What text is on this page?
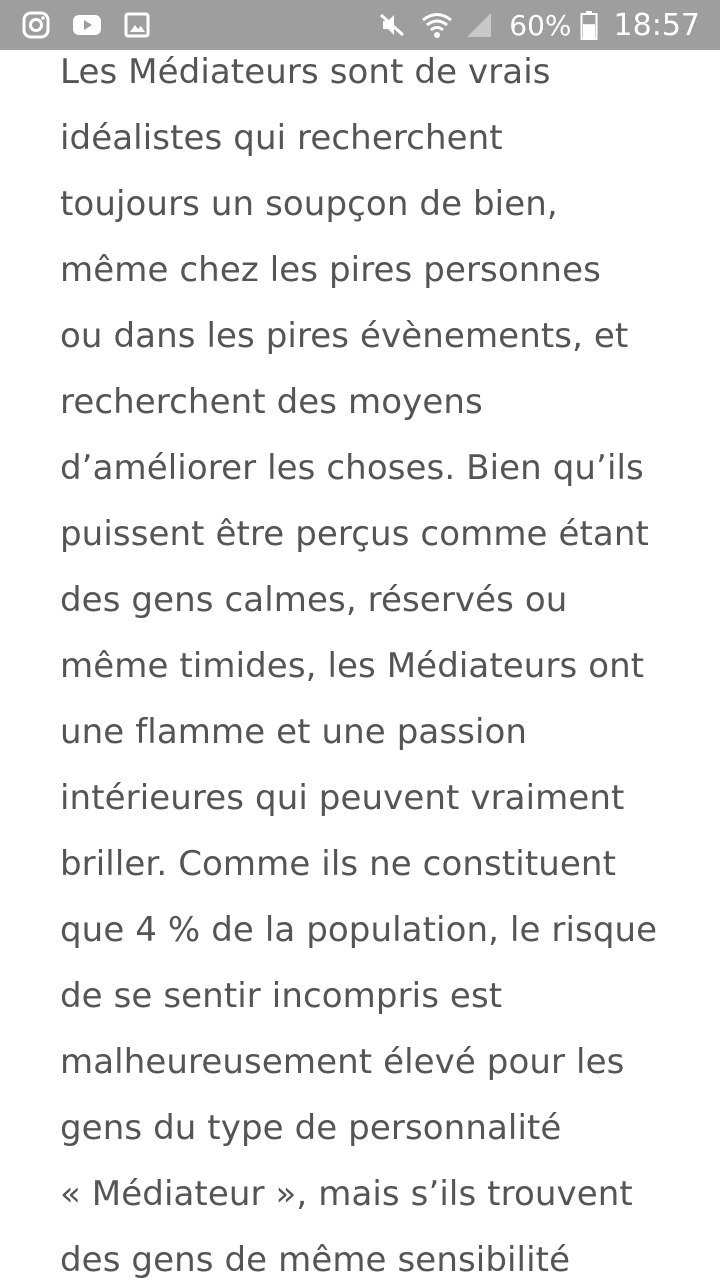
60% 18:57
Les Médiateurs sont de vrais
idéalistes qui recherchent
toujours un soupçon de bien,
même chez les pires personnes
ou dans les pires évènements, et
recherchent des moyens
d’améliorer les choses. Bien qu’ils
puissent être perçus comme étant
des gens calmes, réservés ou
même timides, les Médiateurs ont
une flamme et une passion
intérieures qui peuvent vraiment
briller. Comme ils ne constituent
que 4 % de la population, le risque
de se sentir incompris est
malheureusement élevé pour les
gens du type de personnalité
« Médiateur », mais s’ils trouvent
des gens de même sensibilité
